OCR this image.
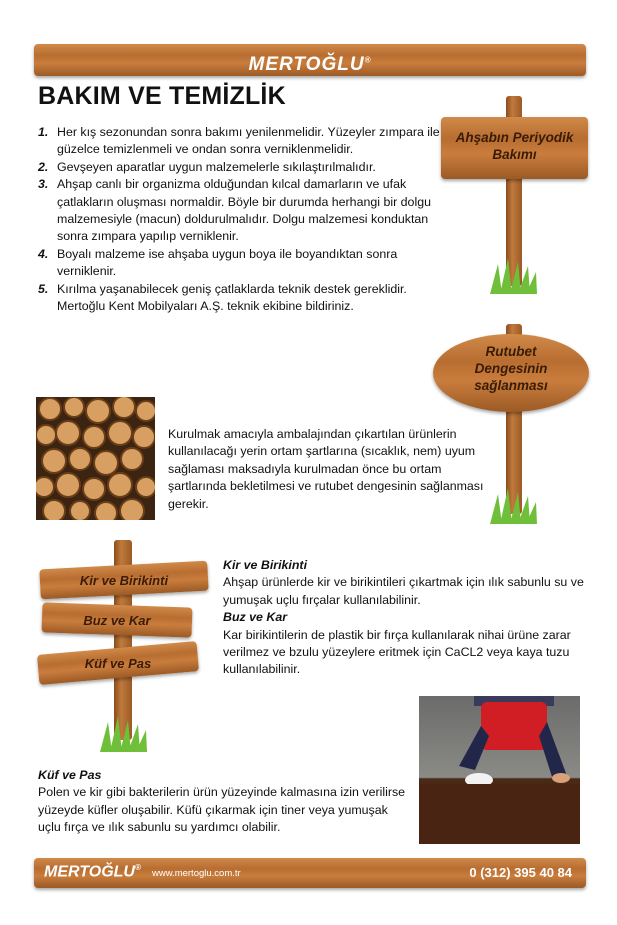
MERTOĞLU®
BAKIM VE TEMİZLİK
1. Her kış sezonundan sonra bakımı yenilenmelidir. Yüzeyler zımpara ile güzelce temizlenmeli ve ondan sonra verniklenmelidir.
2. Gevşeyen aparatlar uygun malzemelerle sıkılaştırılmalıdır.
3. Ahşap canlı bir organizma olduğundan kılcal damarların ve ufak çatlakların oluşması normaldir. Böyle bir durumda herhangi bir dolgu malzemesiyle (macun) doldurulmalıdır. Dolgu malzemesi konduktan sonra zımpara yapılıp verniklenir.
4. Boyalı malzeme ise ahşaba uygun boya ile boyandıktan sonra verniklenir.
5. Kırılma yaşanabilecek geniş çatlaklarda teknik destek gereklidir. Mertoğlu Kent Mobilyaları A.Ş. teknik ekibine bildiriniz.
Ahşabın Periyodik Bakımı
Rutubet Dengesinin sağlanması
Kurulmak amacıyla ambalajından çıkartılan ürünlerin kullanılacağı yerin ortam şartlarına (sıcaklık, nem) uyum sağlaması maksadıyla kurulmadan önce bu ortam şartlarında bekletilmesi ve rutubet dengesinin sağlanması gerekir.
Kir ve Birikinti
Buz ve Kar
Küf ve Pas
Kir ve Birikinti
Ahşap ürünlerde kir ve birikintileri çıkartmak için ılık sabunlu su ve yumuşak uçlu fırçalar kullanılabilinir.
Buz ve Kar
Kar birikintilerin de plastik bir fırça kullanılarak nihai ürüne zarar verilmez ve bzulu yüzeylere eritmek için CaCL2 veya kaya tuzu kullanılabilinir.
Küf ve Pas
Polen ve kir gibi bakterilerin ürün yüzeyinde kalmasına izin verilirse yüzeyde küfler oluşabilir. Küfü çıkarmak için tiner veya yumuşak uçlu fırça ve ılık sabunlu su yardımcı olabilir.
MERTOĞLU®
www.mertoglu.com.tr	0 (312) 395 40 84
